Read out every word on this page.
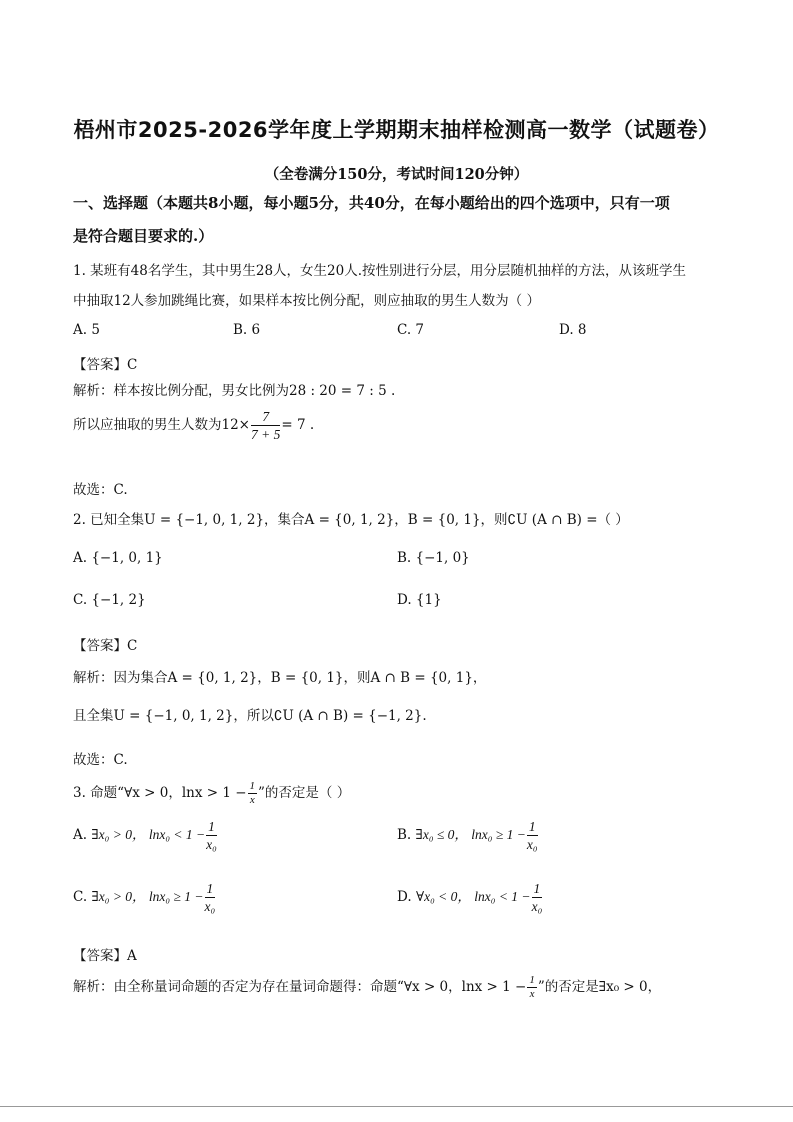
梧州市2025-2026学年度上学期期末抽样检测高一数学（试题卷）
（全卷满分150分，考试时间120分钟）
一、选择题（本题共8小题，每小题5分，共40分，在每小题给出的四个选项中，只有一项
是符合题目要求的.）
1. 某班有48名学生，其中男生28人，女生20人.按性别进行分层，用分层随机抽样的方法，从该班学生
中抽取12人参加跳绳比赛，如果样本按比例分配，则应抽取的男生人数为（ ）
A. 5	B. 6	C. 7	D. 8
【答案】C
解析：样本按比例分配，男女比例为28 : 20 = 7 : 5 .
所以应抽取的男生人数为$12\times \frac{7}{7 + 5} = 7$ .
故选：C.
2. 已知全集U = {−1, 0, 1, 2}，集合A = {0, 1, 2}，B = {0, 1}，则∁U (A ∩ B) =（ ）
A. {−1, 0, 1}	B. {−1, 0}
C. {−1, 2}	D. {1}
【答案】C
解析：因为集合A = {0, 1, 2}，B = {0, 1}，则A ∩ B = {0, 1}，
且全集U = {−1, 0, 1, 2}，所以∁U (A ∩ B) = {−1, 2}.
故选：C.
3. 命题“∀x > 0，$\ln x > 1 - \frac{1}{x}$ ”的否定是（ ）
A. ∃x₀ > 0， $\ln x_0 < 1 - \frac{1}{\text{x₀}}$	B. ∃x₀ ≤ 0， $\ln x_0 \ge 1 - \frac{1}{\text{x₀}}$
C. ∃x₀ > 0， $\ln x_0 \ge 1 - \frac{1}{\text{x₀}}$	D. ∀x₀ < 0， $\ln x_0 < 1 - \frac{1}{\text{x₀}}$
【答案】A
解析：由全称量词命题的否定为存在量词命题得：命题“∀x > 0，$\ln x > 1 - \frac{1}{x}$ ”的否定是∃x₀ > 0，
